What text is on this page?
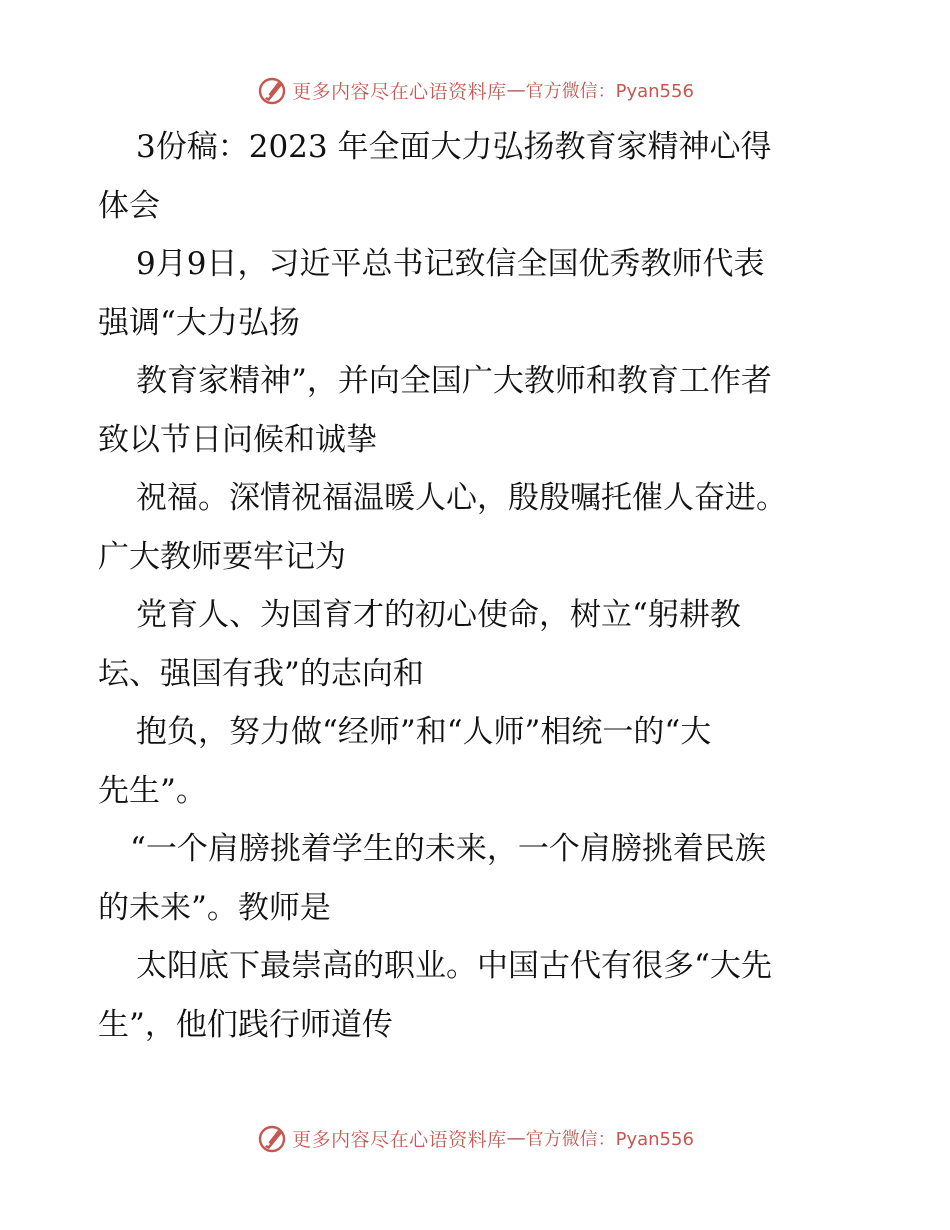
更多内容尽在心语资料库 — 官方微信：Pyan556
3份稿：2023 年全面大力弘扬教育家精神心得
体会
9月9日，习近平总书记致信全国优秀教师代表
强调“大力弘扬
教育家精神”，并向全国广大教师和教育工作者
致以节日问候和诚挚
祝福。深情祝福温暖人心，殷殷嘱托催人奋进。
广大教师要牢记为
党育人、为国育才的初心使命，树立“躬耕教
坛、强国有我”的志向和
抱负，努力做“经师”和“人师”相统一的“大
先生”。
“一个肩膀挑着学生的未来，一个肩膀挑着民族
的未来”。教师是
太阳底下最崇高的职业。中国古代有很多“大先
生”，他们践行师道传
更多内容尽在心语资料库 — 官方微信：Pyan556
